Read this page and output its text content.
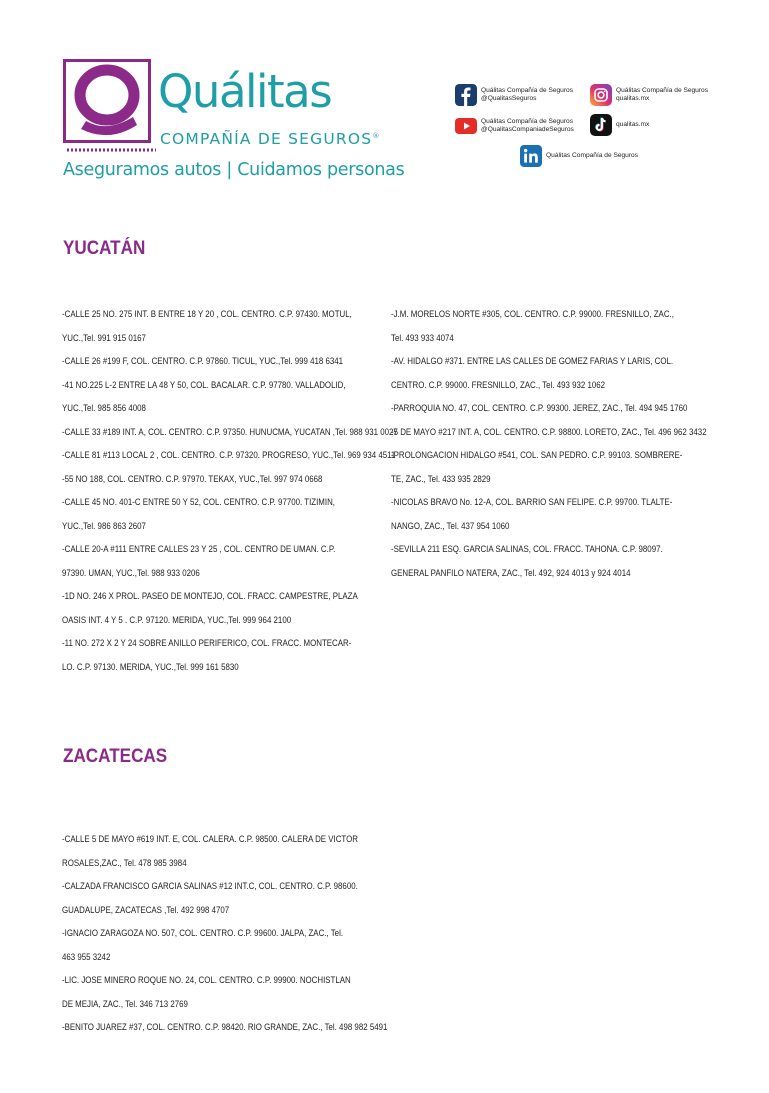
Quálitas
COMPAÑÍA DE SEGUROS®
Aseguramos autos | Cuidamos personas
Quálitas Compañía de Seguros
@QualitasSeguros
Quálitas Compañía de Seguros
qualitas.mx
Quálitas Compañía de Seguros
@QualitasCompaniadeSeguros
qualitas.mx
Quálitas Compañía de Seguros
YUCATÁN
-CALLE 25 NO. 275 INT. B ENTRE 18 Y 20 , COL. CENTRO. C.P. 97430. MOTUL,
YUC.,Tel. 991 915 0167
-CALLE 26 #199 F, COL. CENTRO. C.P. 97860. TICUL, YUC.,Tel. 999 418 6341
-41 NO.225 L-2 ENTRE LA 48 Y 50, COL. BACALAR. C.P. 97780. VALLADOLID,
YUC.,Tel. 985 856 4008
-CALLE 33 #189 INT. A, COL. CENTRO. C.P. 97350. HUNUCMA, YUCATAN ,Tel. 988 931 0027
-CALLE 81 #113 LOCAL 2 , COL. CENTRO. C.P. 97320. PROGRESO, YUC.,Tel. 969 934 4511
-55 NO 188, COL. CENTRO. C.P. 97970. TEKAX, YUC.,Tel. 997 974 0668
-CALLE 45 NO. 401-C ENTRE 50 Y 52, COL. CENTRO. C.P. 97700. TIZIMIN,
YUC.,Tel. 986 863 2607
-CALLE 20-A #111 ENTRE CALLES 23 Y 25 , COL. CENTRO DE UMAN. C.P.
97390. UMAN, YUC.,Tel. 988 933 0206
-1D NO. 246 X PROL. PASEO DE MONTEJO, COL. FRACC. CAMPESTRE, PLAZA
OASIS INT. 4 Y 5 . C.P. 97120. MERIDA, YUC.,Tel. 999 964 2100
-11 NO. 272 X 2 Y 24 SOBRE ANILLO PERIFERICO, COL. FRACC. MONTECAR-
LO. C.P. 97130. MERIDA, YUC.,Tel. 999 161 5830
-J.M. MORELOS NORTE #305, COL. CENTRO. C.P. 99000. FRESNILLO, ZAC.,
Tel. 493 933 4074
-AV. HIDALGO #371. ENTRE LAS CALLES DE GOMEZ FARIAS Y LARIS, COL.
CENTRO. C.P. 99000. FRESNILLO, ZAC., Tel. 493 932 1062
-PARROQUIA NO. 47, COL. CENTRO. C.P. 99300. JEREZ, ZAC., Tel. 494 945 1760
-5 DE MAYO #217 INT. A, COL. CENTRO. C.P. 98800. LORETO, ZAC., Tel. 496 962 3432
-PROLONGACION HIDALGO #541, COL. SAN PEDRO. C.P. 99103. SOMBRERE-
TE, ZAC., Tel. 433 935 2829
-NICOLAS BRAVO No. 12-A, COL. BARRIO SAN FELIPE. C.P. 99700. TLALTE-
NANGO, ZAC., Tel. 437 954 1060
-SEVILLA 211 ESQ. GARCIA SALINAS, COL. FRACC. TAHONA. C.P. 98097.
GENERAL PANFILO NATERA, ZAC., Tel. 492, 924 4013 y 924 4014
ZACATECAS
-CALLE 5 DE MAYO #619 INT. E, COL. CALERA. C.P. 98500. CALERA DE VICTOR
ROSALES,ZAC., Tel. 478 985 3984
-CALZADA FRANCISCO GARCIA SALINAS #12 INT.C, COL. CENTRO. C.P. 98600.
GUADALUPE, ZACATECAS ,Tel. 492 998 4707
-IGNACIO ZARAGOZA NO. 507, COL. CENTRO. C.P. 99600. JALPA, ZAC., Tel.
463 955 3242
-LIC. JOSE MINERO ROQUE NO. 24, COL. CENTRO. C.P. 99900. NOCHISTLAN
DE MEJIA, ZAC., Tel. 346 713 2769
-BENITO JUAREZ #37, COL. CENTRO. C.P. 98420. RIO GRANDE, ZAC., Tel. 498 982 5491
